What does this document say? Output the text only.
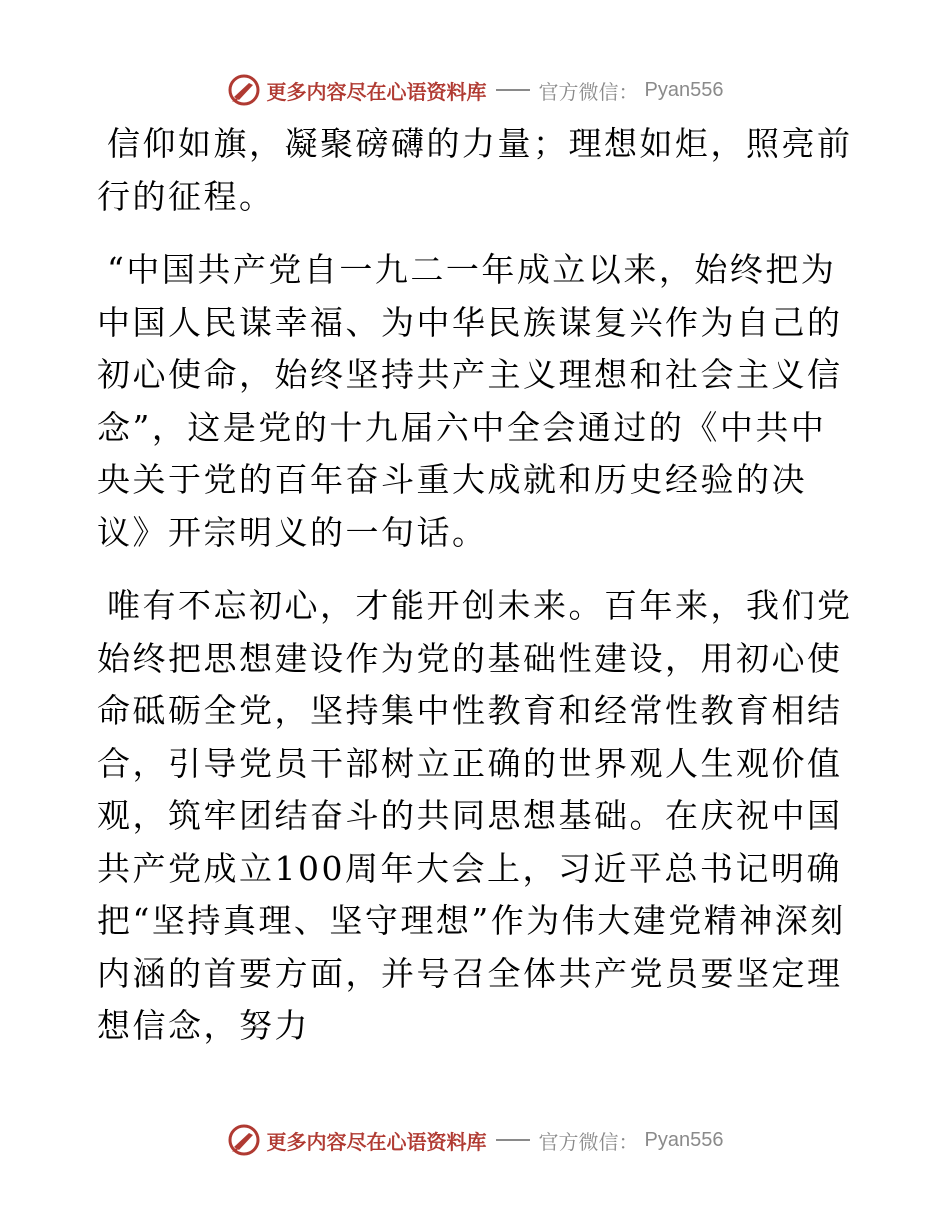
更多内容尽在心语资料库	官方微信： Pyan556

信仰如旗，凝聚磅礴的力量；理想如炬，照亮前行的征程。

“中国共产党自一九二一年成立以来，始终把为中国人民谋幸福、为中华民族谋复兴作为自己的初心使命，始终坚持共产主义理想和社会主义信念”，这是党的十九届六中全会通过的《中共中央关于党的百年奋斗重大成就和历史经验的决议》开宗明义的一句话。

唯有不忘初心，才能开创未来。百年来，我们党始终把思想建设作为党的基础性建设，用初心使命砥砺全党，坚持集中性教育和经常性教育相结合，引导党员干部树立正确的世界观人生观价值观，筑牢团结奋斗的共同思想基础。在庆祝中国共产党成立100周年大会上，习近平总书记明确把“坚持真理、坚守理想”作为伟大建党精神深刻内涵的首要方面，并号召全体共产党员要坚定理想信念，努力

更多内容尽在心语资料库	官方微信： Pyan556
